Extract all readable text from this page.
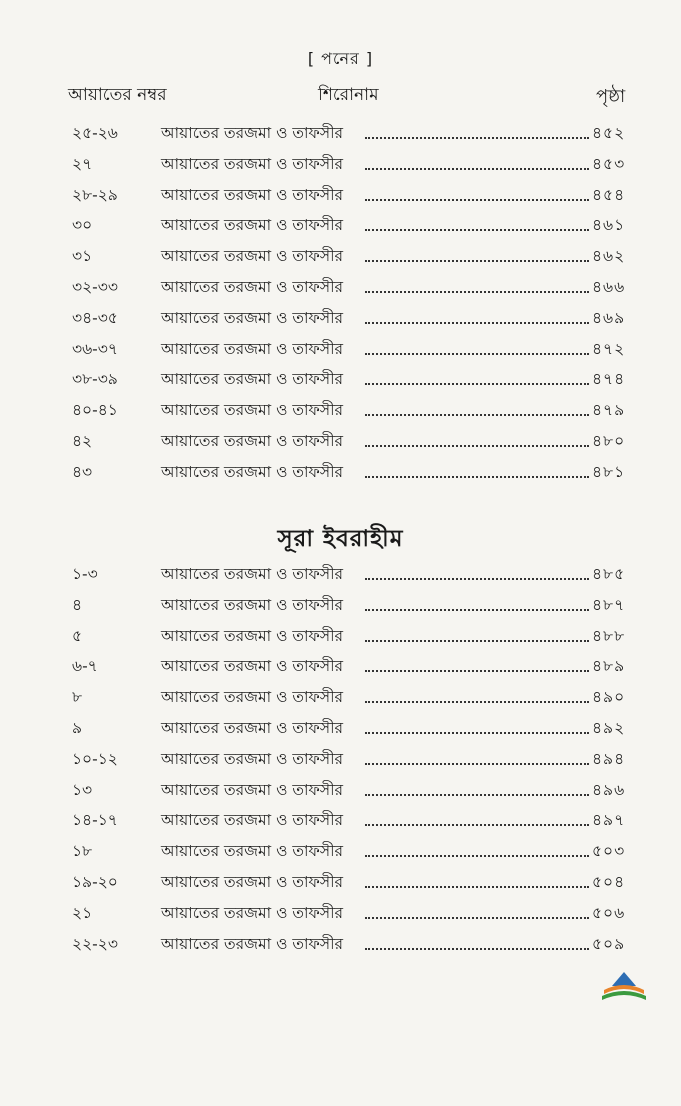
[ পনের ]
আয়াতের নম্বর	শিরোনাম	পৃষ্ঠা
২৫-২৬	আয়াতের তরজমা ও তাফসীর	৪৫২
২৭	আয়াতের তরজমা ও তাফসীর	৪৫৩
২৮-২৯	আয়াতের তরজমা ও তাফসীর	৪৫৪
৩০	আয়াতের তরজমা ও তাফসীর	৪৬১
৩১	আয়াতের তরজমা ও তাফসীর	৪৬২
৩২-৩৩	আয়াতের তরজমা ও তাফসীর	৪৬৬
৩৪-৩৫	আয়াতের তরজমা ও তাফসীর	৪৬৯
৩৬-৩৭	আয়াতের তরজমা ও তাফসীর	৪৭২
৩৮-৩৯	আয়াতের তরজমা ও তাফসীর	৪৭৪
৪০-৪১	আয়াতের তরজমা ও তাফসীর	৪৭৯
৪২	আয়াতের তরজমা ও তাফসীর	৪৮০
৪৩	আয়াতের তরজমা ও তাফসীর	৪৮১
সূরা ইবরাহীম
১-৩	আয়াতের তরজমা ও তাফসীর	৪৮৫
৪	আয়াতের তরজমা ও তাফসীর	৪৮৭
৫	আয়াতের তরজমা ও তাফসীর	৪৮৮
৬-৭	আয়াতের তরজমা ও তাফসীর	৪৮৯
৮	আয়াতের তরজমা ও তাফসীর	৪৯০
৯	আয়াতের তরজমা ও তাফসীর	৪৯২
১০-১২	আয়াতের তরজমা ও তাফসীর	৪৯৪
১৩	আয়াতের তরজমা ও তাফসীর	৪৯৬
১৪-১৭	আয়াতের তরজমা ও তাফসীর	৪৯৭
১৮	আয়াতের তরজমা ও তাফসীর	৫০৩
১৯-২০	আয়াতের তরজমা ও তাফসীর	৫০৪
২১	আয়াতের তরজমা ও তাফসীর	৫০৬
২২-২৩	আয়াতের তরজমা ও তাফসীর	৫০৯
